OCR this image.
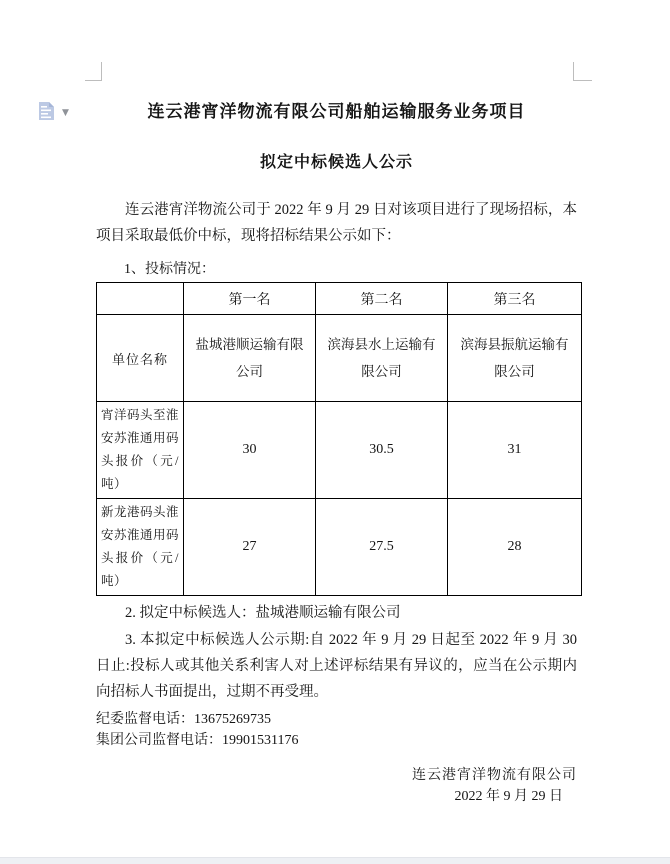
▼	连云港宵洋物流有限公司船舶运输服务业务项目

拟定中标候选人公示

连云港宵洋物流公司于 2022 年 9 月 29 日对该项目进行了现场招标，本项目采取最低价中标，现将招标结果公示如下：

1、投标情况：

	第一名	第二名	第三名
单位名称	盐城港顺运输有限公司	滨海县水上运输有限公司	滨海县振航运输有限公司
宵洋码头至淮安苏淮通用码头报价（元/吨）	30	30.5	31
新龙港码头淮安苏淮通用码头报价（元/吨）	27	27.5	28

2. 拟定中标候选人：盐城港顺运输有限公司

3. 本拟定中标候选人公示期:自 2022 年 9 月 29 日起至 2022 年 9 月 30 日止:投标人或其他关系利害人对上述评标结果有异议的，应当在公示期内向招标人书面提出，过期不再受理。

纪委监督电话：13675269735

集团公司监督电话：19901531176

连云港宵洋物流有限公司

2022 年 9 月 29 日
